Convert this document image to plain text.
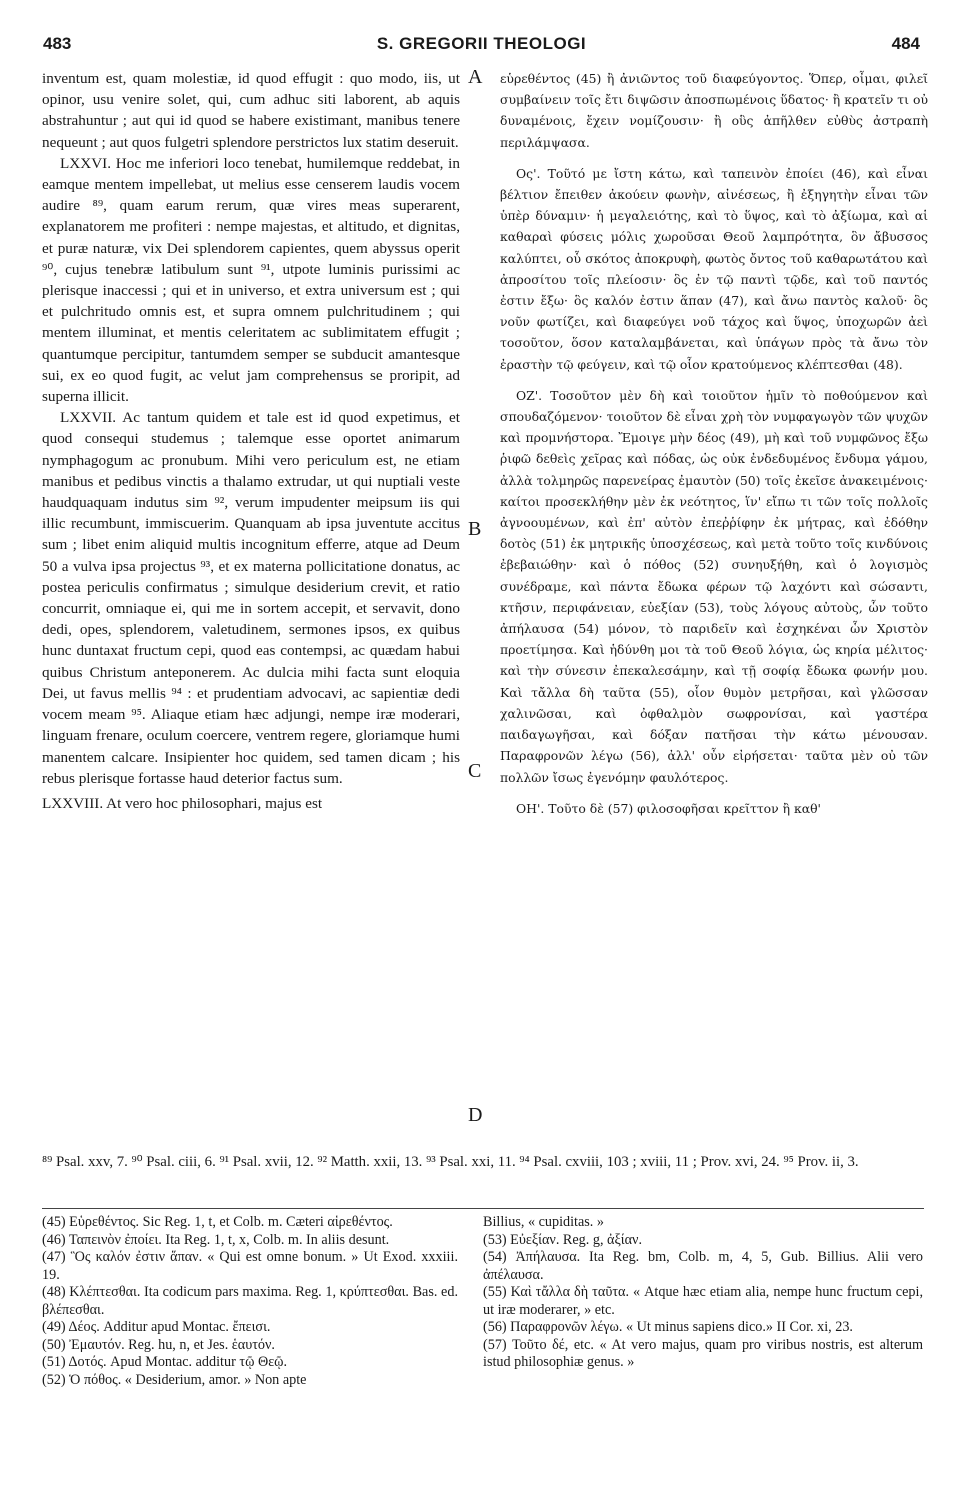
483	S. GREGORII THEOLOGI	484
A
B
C
D

inventum est, quam molestiæ, id quod effugit : quo modo, iis, ut opinor, usu venire solet, qui, cum adhuc siti laborent, ab aquis abstrahuntur ; aut qui id quod se habere existimant, manibus tenere nequeunt ; aut quos fulgetri splendore perstrictos lux statim deseruit.

LXXVI. Hoc me inferiori loco tenebat, humilemque reddebat, in eamque mentem impellebat, ut melius esse censerem laudis vocem audire ⁸⁹, quam earum rerum, quæ vires meas superarent, explanatorem me profiteri : nempe majestas, et altitudo, et dignitas, et puræ naturæ, vix Dei splendorem capientes, quem abyssus operit ⁹⁰, cujus tenebræ latibulum sunt ⁹¹, utpote luminis purissimi ac plerisque inaccessi ; qui et in universo, et extra universum est ; qui et pulchritudo omnis est, et supra omnem pulchritudinem ; qui mentem illuminat, et mentis celeritatem ac sublimitatem effugit ; quantumque percipitur, tantumdem semper se subducit amantesque sui, ex eo quod fugit, ac velut jam comprehensus se proripit, ad superna illicit.

LXXVII. Ac tantum quidem et tale est id quod expetimus, et quod consequi studemus ; talemque esse oportet animarum nymphagogum ac pronubum. Mihi vero periculum est, ne etiam manibus et pedibus vinctis a thalamo extrudar, ut qui nuptiali veste haudquaquam indutus sim ⁹², verum impudenter meipsum iis qui illic recumbunt, immiscuerim. Quanquam ab ipsa juventute accitus sum ; libet enim aliquid multis incognitum efferre, atque ad Deum 50 a vulva ipsa projectus ⁹³, et ex materna pollicitatione donatus, ac postea periculis confirmatus ; simulque desiderium crevit, et ratio concurrit, omniaque ei, qui me in sortem accepit, et servavit, dono dedi, opes, splendorem, valetudinem, sermones ipsos, ex quibus hunc duntaxat fructum cepi, quod eas contempsi, ac quædam habui quibus Christum anteponerem. Ac dulcia mihi facta sunt eloquia Dei, ut favus mellis ⁹⁴ : et prudentiam advocavi, ac sapientiæ dedi vocem meam ⁹⁵. Aliaque etiam hæc adjungi, nempe iræ moderari, linguam frenare, oculum coercere, ventrem regere, gloriamque humi manentem calcare. Insipienter hoc quidem, sed tamen dicam ; his rebus plerisque fortasse haud deterior factus sum.

LXXVIII. At vero hoc philosophari, majus est

εὑρεθέντος (45) ἢ ἀνιῶντος τοῦ διαφεύγοντος. Ὅπερ, οἶμαι, φιλεῖ συμβαίνειν τοῖς ἔτι διψῶσιν ἀποσπωμένοις ὕδατος· ἢ κρατεῖν τι οὐ δυναμένοις, ἔχειν νομίζουσιν· ἢ οὓς ἀπῆλθεν εὐθὺς ἀστραπὴ περιλάμψασα.

Ος'. Τοῦτό με ἴστη κάτω, καὶ ταπεινὸν ἐποίει (46), καὶ εἶναι βέλτιον ἔπειθεν ἀκούειν φωνὴν, αἰνέσεως, ἢ ἐξηγητὴν εἶναι τῶν ὑπὲρ δύναμιν· ἡ μεγαλειότης, καὶ τὸ ὕψος, καὶ τὸ ἀξίωμα, καὶ αἱ καθαραὶ φύσεις μόλις χωροῦσαι Θεοῦ λαμπρότητα, ὃν ἄβυσσος καλύπτει, οὗ σκότος ἀποκρυφὴ, φωτὸς ὄντος τοῦ καθαρωτάτου καὶ ἀπροσίτου τοῖς πλείοσιν· ὃς ἐν τῷ παντὶ τῷδε, καὶ τοῦ παντός ἐστιν ἔξω· ὃς καλόν ἐστιν ἅπαν (47), καὶ ἄνω παντὸς καλοῦ· ὃς νοῦν φωτίζει, καὶ διαφεύγει νοῦ τάχος καὶ ὕψος, ὑποχωρῶν ἀεὶ τοσοῦτον, ὅσον καταλαμβάνεται, καὶ ὑπάγων πρὸς τὰ ἄνω τὸν ἐραστὴν τῷ φεύγειν, καὶ τῷ οἷον κρατούμενος κλέπτεσθαι (48).

ΟΖ'. Τοσοῦτον μὲν δὴ καὶ τοιοῦτον ἡμῖν τὸ ποθούμενον καὶ σπουδαζόμενον· τοιοῦτον δὲ εἶναι χρὴ τὸν νυμφαγωγὸν τῶν ψυχῶν καὶ προμνήστορα. Ἔμοιγε μὴν δέος (49), μὴ καὶ τοῦ νυμφῶνος ἔξω ῥιφῶ δεθεὶς χεῖρας καὶ πόδας, ὡς οὐκ ἐνδεδυμένος ἔνδυμα γάμου, ἀλλὰ τολμηρῶς παρενείρας ἐμαυτὸν (50) τοῖς ἐκεῖσε ἀνακειμένοις· καίτοι προσεκλήθην μὲν ἐκ νεότητος, ἵν' εἴπω τι τῶν τοῖς πολλοῖς ἀγνοουμένων, καὶ ἐπ' αὐτὸν ἐπεῤῥίφην ἐκ μήτρας, καὶ ἐδόθην δοτὸς (51) ἐκ μητρικῆς ὑποσχέσεως, καὶ μετὰ τοῦτο τοῖς κινδύνοις ἐβεβαιώθην· καὶ ὁ πόθος (52) συνηυξήθη, καὶ ὁ λογισμὸς συνέδραμε, καὶ πάντα ἔδωκα φέρων τῷ λαχόντι καὶ σώσαντι, κτῆσιν, περιφάνειαν, εὐεξίαν (53), τοὺς λόγους αὐτοὺς, ὧν τοῦτο ἀπήλαυσα (54) μόνον, τὸ παριδεῖν καὶ ἐσχηκέναι ὧν Χριστὸν προετίμησα. Καὶ ἡδύνθη μοι τὰ τοῦ Θεοῦ λόγια, ὡς κηρία μέλιτος· καὶ τὴν σύνεσιν ἐπεκαλεσάμην, καὶ τῇ σοφίᾳ ἔδωκα φωνήν μου. Καὶ τἄλλα δὴ ταῦτα (55), οἷον θυμὸν μετρῆσαι, καὶ γλῶσσαν χαλινῶσαι, καὶ ὀφθαλμὸν σωφρονίσαι, καὶ γαστέρα παιδαγωγῆσαι, καὶ δόξαν πατῆσαι τὴν κάτω μένουσαν. Παραφρονῶν λέγω (56), ἀλλ' οὖν εἰρήσεται· ταῦτα μὲν οὐ τῶν πολλῶν ἴσως ἐγενόμην φαυλότερος.

ΟΗ'. Τοῦτο δὲ (57) φιλοσοφῆσαι κρεῖττον ἢ καθ'

⁸⁹ Psal. xxv, 7. ⁹⁰ Psal. ciii, 6. ⁹¹ Psal. xvii, 12. ⁹² Matth. xxii, 13. ⁹³ Psal. xxi, 11. ⁹⁴ Psal. cxviii, 103 ; xviii, 11 ; Prov. xvi, 24. ⁹⁵ Prov. ii, 3.

(45) Εὑρεθέντος. Sic Reg. 1, t, et Colb. m. Cæteri αἱρεθέντος.

(46) Ταπεινὸν ἐποίει. Ita Reg. 1, t, x, Colb. m. In aliis desunt.

(47) Ὃς καλόν ἐστιν ἅπαν. « Qui est omne bonum. » Ut Exod. xxxiii. 19.

(48) Κλέπτεσθαι. Ita codicum pars maxima. Reg. 1, κρύπτεσθαι. Bas. ed. βλέπεσθαι.

(49) Δέος. Additur apud Montac. ἔπεισι.

(50) Ἐμαυτόν. Reg. hu, n, et Jes. ἑαυτόν.

(51) Δοτός. Apud Montac. additur τῷ Θεῷ.

(52) Ὁ πόθος. « Desiderium, amor. » Non apte

Billius, « cupiditas. »

(53) Εὐεξίαν. Reg. g, ἀξίαν.

(54) Ἀπήλαυσα. Ita Reg. bm, Colb. m, 4, 5, Gub. Billius. Alii vero ἀπέλαυσα.

(55) Καὶ τἄλλα δὴ ταῦτα. « Atque hæc etiam alia, nempe hunc fructum cepi, ut iræ moderarer, » etc.

(56) Παραφρονῶν λέγω. « Ut minus sapiens dico.» II Cor. xi, 23.

(57) Τοῦτο δέ, etc. « At vero majus, quam pro viribus nostris, est alterum istud philosophiæ genus. »
